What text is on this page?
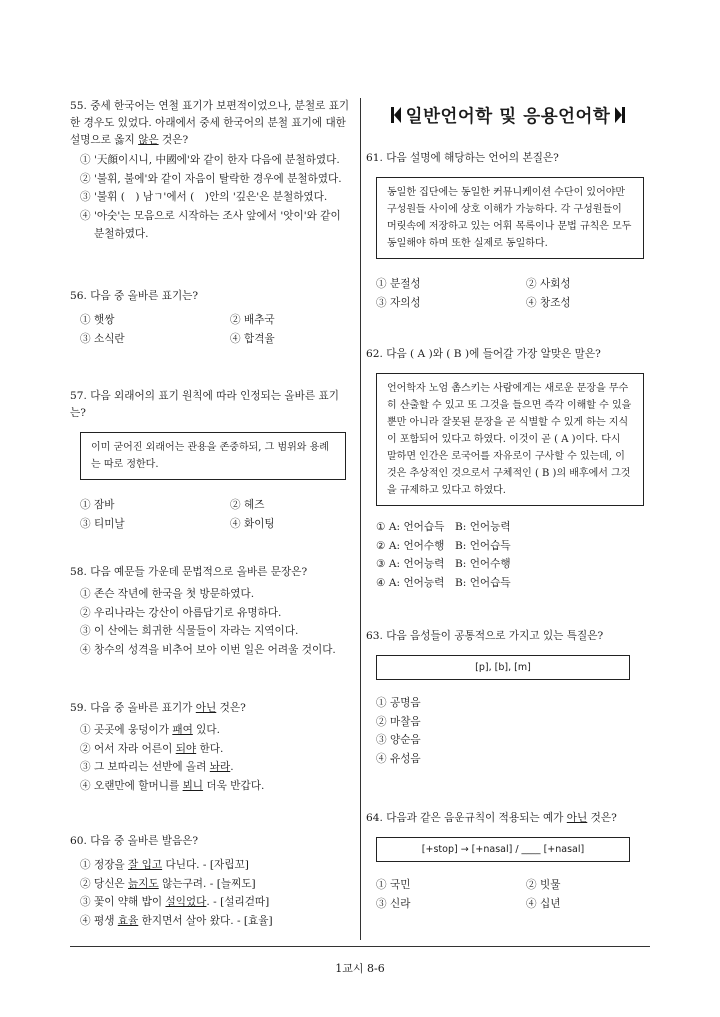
55. 중세 한국어는 연철 표기가 보편적이었으나, 분철로 표기한 경우도 있었다. 아래에서 중세 한국어의 분철 표기에 대한 설명으로 옳지 않은 것은?

① '天顔이시니, 中國에'와 같이 한자 다음에 분철하였다.

② '불휘, 불에'와 같이 자음이 탈락한 경우에 분철하였다.

③ '불휘 (　) 남ㄱ'에서 (　)안의 '깊은'은 분철하였다.

④ '아숫'는 모음으로 시작하는 조사 앞에서 '앗이'와 같이

분철하였다.

56. 다음 중 올바른 표기는?

① 햇쌍	② 배추국
③ 소식란	④ 합격율

57. 다음 외래어의 표기 원칙에 따라 인정되는 올바른 표기는?

이미 굳어진 외래어는 관용을 존중하되, 그 범위와 용례는 따로 정한다.
① 잠바	② 헤즈
③ 티미날	④ 화이팅

58. 다음 예문들 가운데 문법적으로 올바른 문장은?

① 존슨 작년에 한국을 첫 방문하였다.

② 우리나라는 강산이 아름답기로 유명하다.

③ 이 산에는 희귀한 식물들이 자라는 지역이다.

④ 창수의 성격을 비추어 보아 이번 일은 어려울 것이다.

59. 다음 중 올바른 표기가 아닌 것은?

① 곳곳에 웅덩이가 패여 있다.

② 어서 자라 어른이 되야 한다.

③ 그 보따리는 선반에 올려 놔라.

④ 오랜만에 할머니를 뵈니 더욱 반갑다.

60. 다음 중 올바른 발음은?

① 정장을 잘 입고 다닌다. - [자립꼬]

② 당신은 늙지도 않는구려. - [늘찌도]

③ 꽃이 약해 밥이 설익었다. - [설리걷따]

④ 평생 효율 한지면서 살아 왔다. - [효율]

일반언어학 및 응용언어학

61. 다음 설명에 해당하는 언어의 본질은?

동일한 집단에는 동일한 커뮤니케이션 수단이 있어야만 구성원들 사이에 상호 이해가 가능하다. 각 구성원들이 머릿속에 저장하고 있는 어휘 목록이나 문법 규칙은 모두 동일해야 하며 또한 실제로 동일하다.
① 분절성	② 사회성
③ 자의성	④ 창조성

62. 다음 ( A )와 ( B )에 들어갈 가장 알맞은 말은?

언어학자 노엄 촘스키는 사람에게는 새로운 문장을 무수히 산출할 수 있고 또 그것을 들으면 즉각 이해할 수 있을 뿐만 아니라 잘못된 문장을 곧 식별할 수 있게 하는 지식이 포함되어 있다고 하였다. 이것이 곧 ( A )이다. 다시 말하면 인간은 로국어를 자유로이 구사할 수 있는데, 이것은 추상적인 것으로서 구체적인 ( B )의 배후에서 그것을 규제하고 있다고 하였다.

① A: 언어습득　B: 언어능력

② A: 언어수행　B: 언어습득

③ A: 언어능력　B: 언어수행

④ A: 언어능력　B: 언어습득

63. 다음 음성들이 공통적으로 가지고 있는 특질은?

[p], [b], [m]

① 공명음

② 마찰음

③ 양순음

④ 유성음

64. 다음과 같은 음운규칙이 적용되는 예가 아닌 것은?

[+stop] → [+nasal] / ____ [+nasal]
① 국민	② 빗물
③ 신라	④ 십년
1교시 8-6
